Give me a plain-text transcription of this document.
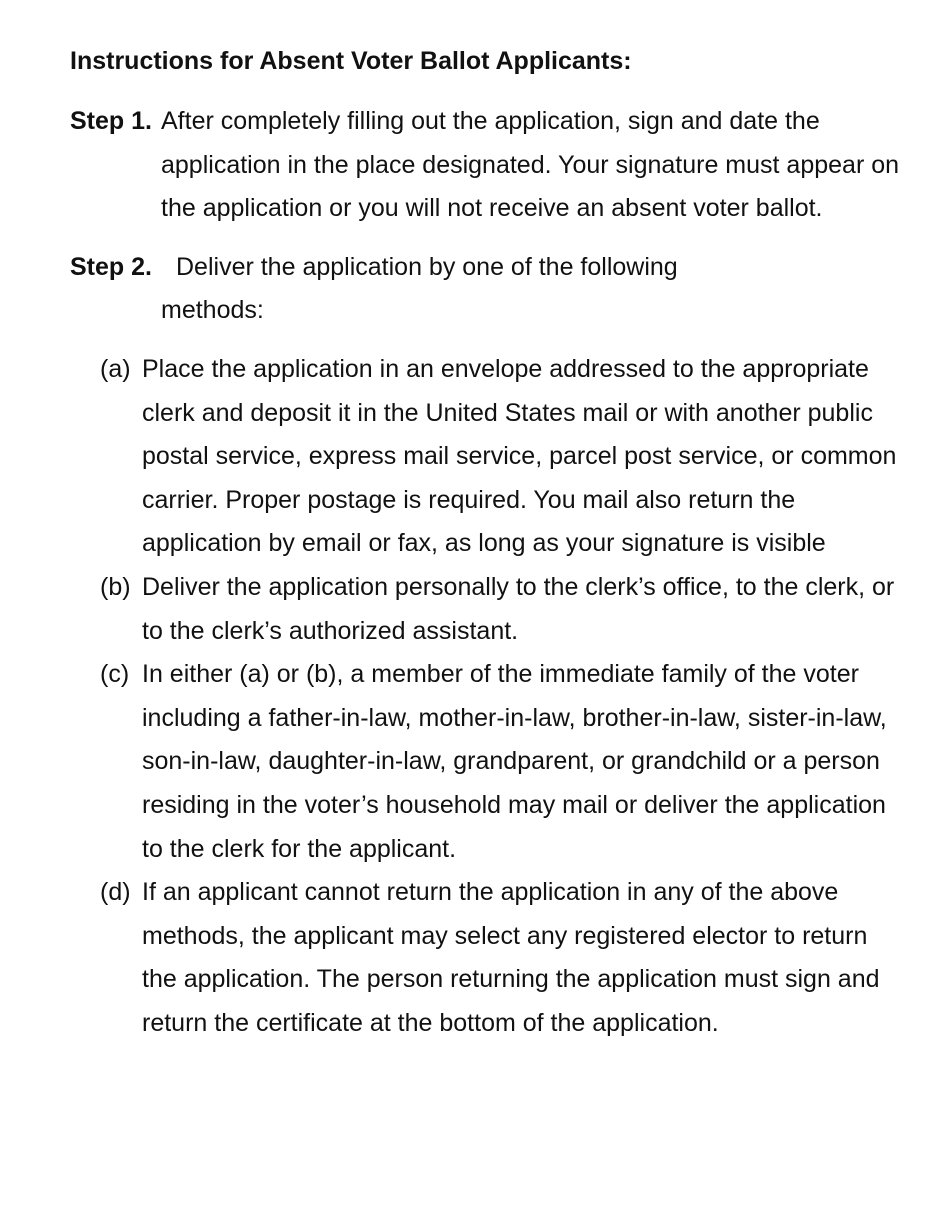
Instructions for Absent Voter Ballot Applicants:
Step 1. After completely filling out the application, sign and date the application in the place designated. Your signature must appear on the application or you will not receive an absent voter ballot.
Step 2. Deliver the application by one of the following
methods:
(a) Place the application in an envelope addressed to the appropriate clerk and deposit it in the United States mail or with another public postal service, express mail service, parcel post service, or common carrier. Proper postage is required. You mail also return the application by email or fax, as long as your signature is visible
(b) Deliver the application personally to the clerk’s office, to the clerk, or to the clerk’s authorized assistant.
(c) In either (a) or (b), a member of the immediate family of the voter including a father-in-law, mother-in-law, brother-in-law, sister-in-law, son-in-law, daughter-in-law, grandparent, or grandchild or a person residing in the voter’s household may mail or deliver the application to the clerk for the applicant.
(d) If an applicant cannot return the application in any of the above methods, the applicant may select any registered elector to return the application. The person returning the application must sign and return the certificate at the bottom of the application.
